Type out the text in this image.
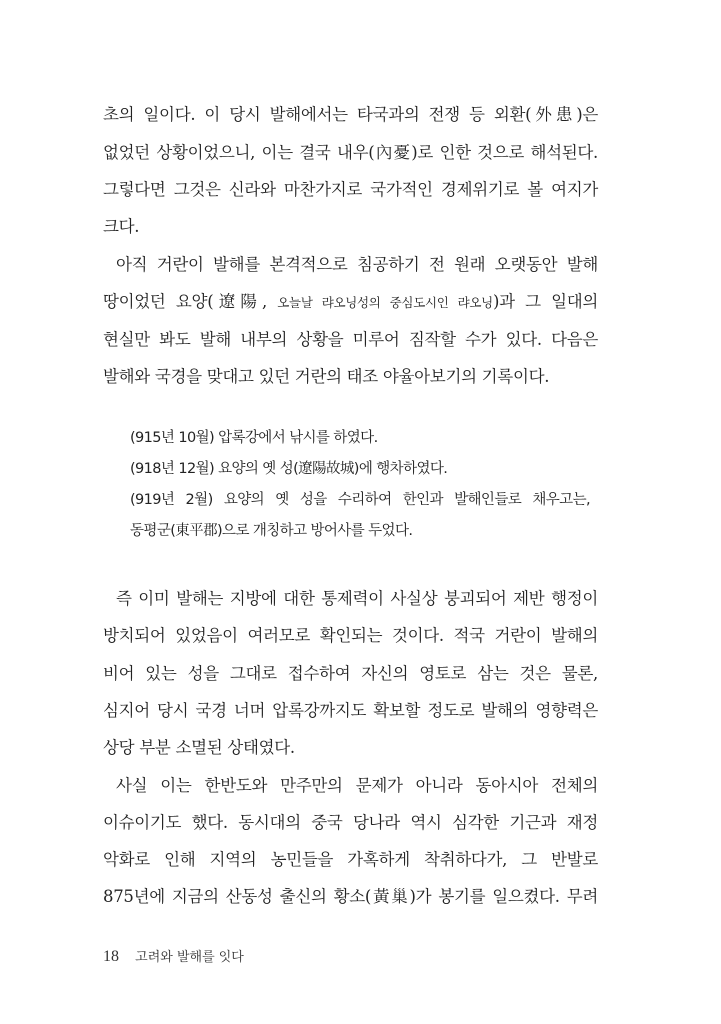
초의 일이다. 이 당시 발해에서는 타국과의 전쟁 등 외환(外患)은
없었던 상황이었으니, 이는 결국 내우(內憂)로 인한 것으로 해석된다.
그렇다면 그것은 신라와 마찬가지로 국가적인 경제위기로 볼 여지가
크다.
아직 거란이 발해를 본격적으로 침공하기 전 원래 오랫동안 발해
땅이었던 요양(遼陽, 오늘날 랴오닝성의 중심도시인 랴오닝)과 그 일대의
현실만 봐도 발해 내부의 상황을 미루어 짐작할 수가 있다. 다음은
발해와 국경을 맞대고 있던 거란의 태조 야율아보기의 기록이다.
(915년 10월) 압록강에서 낚시를 하였다.
(918년 12월) 요양의 옛 성(遼陽故城)에 행차하였다.
(919년 2월) 요양의 옛 성을 수리하여 한인과 발해인들로 채우고는,
동평군(東平郡)으로 개칭하고 방어사를 두었다.
즉 이미 발해는 지방에 대한 통제력이 사실상 붕괴되어 제반 행정이
방치되어 있었음이 여러모로 확인되는 것이다. 적국 거란이 발해의
비어 있는 성을 그대로 접수하여 자신의 영토로 삼는 것은 물론,
심지어 당시 국경 너머 압록강까지도 확보할 정도로 발해의 영향력은
상당 부분 소멸된 상태였다.
사실 이는 한반도와 만주만의 문제가 아니라 동아시아 전체의
이슈이기도 했다. 동시대의 중국 당나라 역시 심각한 기근과 재정
악화로 인해 지역의 농민들을 가혹하게 착취하다가, 그 반발로
875년에 지금의 산동성 출신의 황소(黃巢)가 봉기를 일으켰다. 무려
18 고려와 발해를 잇다
